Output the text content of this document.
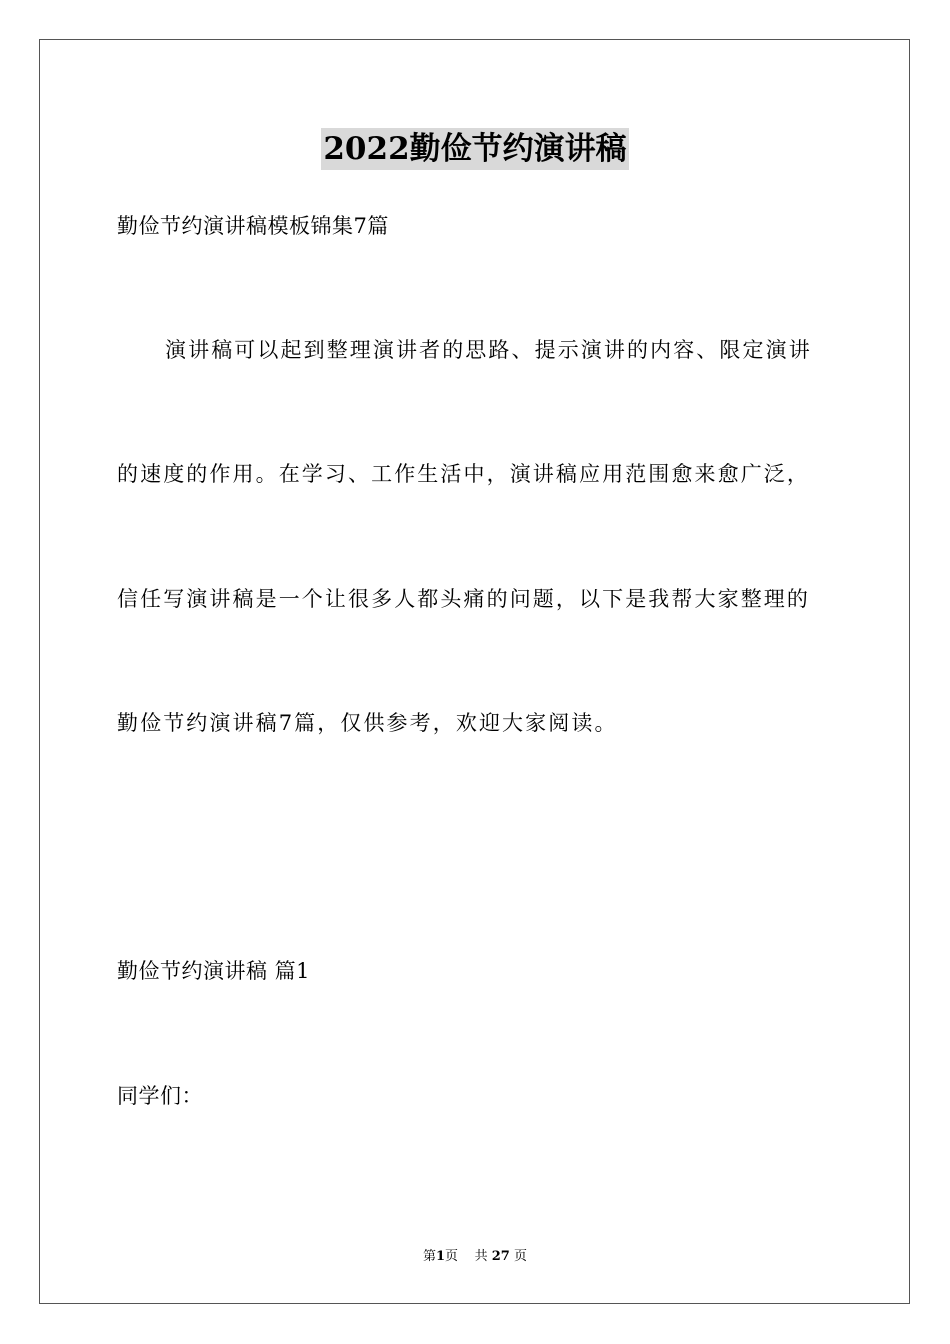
2022勤俭节约演讲稿
勤俭节约演讲稿模板锦集7篇
演讲稿可以起到整理演讲者的思路、提示演讲的内容、限定演讲
的速度的作用。在学习、工作生活中，演讲稿应用范围愈来愈广泛，
信任写演讲稿是一个让很多人都头痛的问题，以下是我帮大家整理的
勤俭节约演讲稿7篇，仅供参考，欢迎大家阅读。
勤俭节约演讲稿 篇1
同学们：
第1页 共 27 页
